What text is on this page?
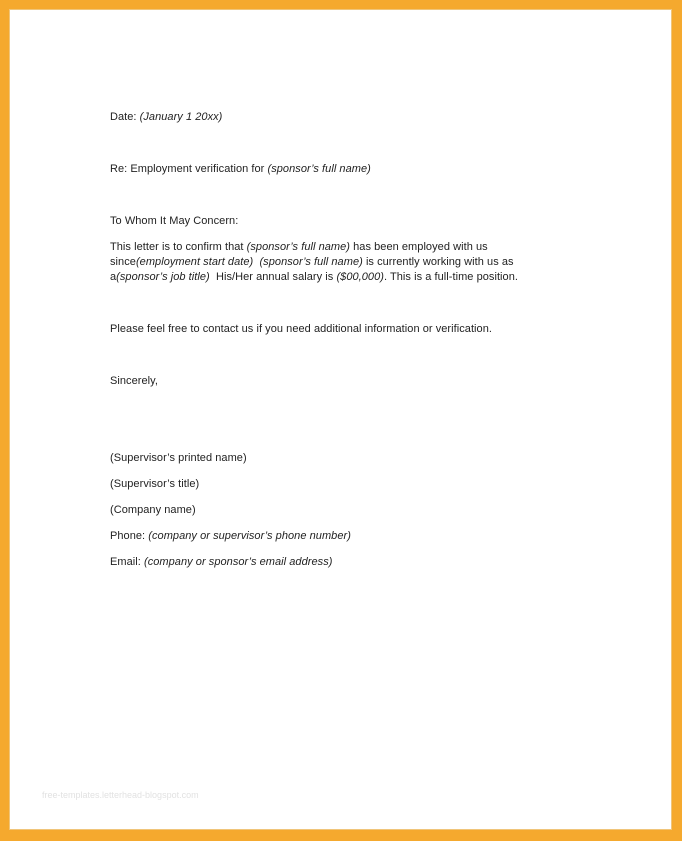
Date: (January 1 20xx)
Re: Employment verification for (sponsor’s full name)
To Whom It May Concern:
This letter is to confirm that (sponsor’s full name) has been employed with us
since(employment start date) (sponsor’s full name) is currently working with us as
a(sponsor’s job title) His/Her annual salary is ($00,000). This is a full-time position.
Please feel free to contact us if you need additional information or verification.
Sincerely,
(Supervisor’s printed name)
(Supervisor’s title)
(Company name)
Phone: (company or supervisor’s phone number)
Email: (company or sponsor’s email address)
free-templates.letterhead-blogspot.com
